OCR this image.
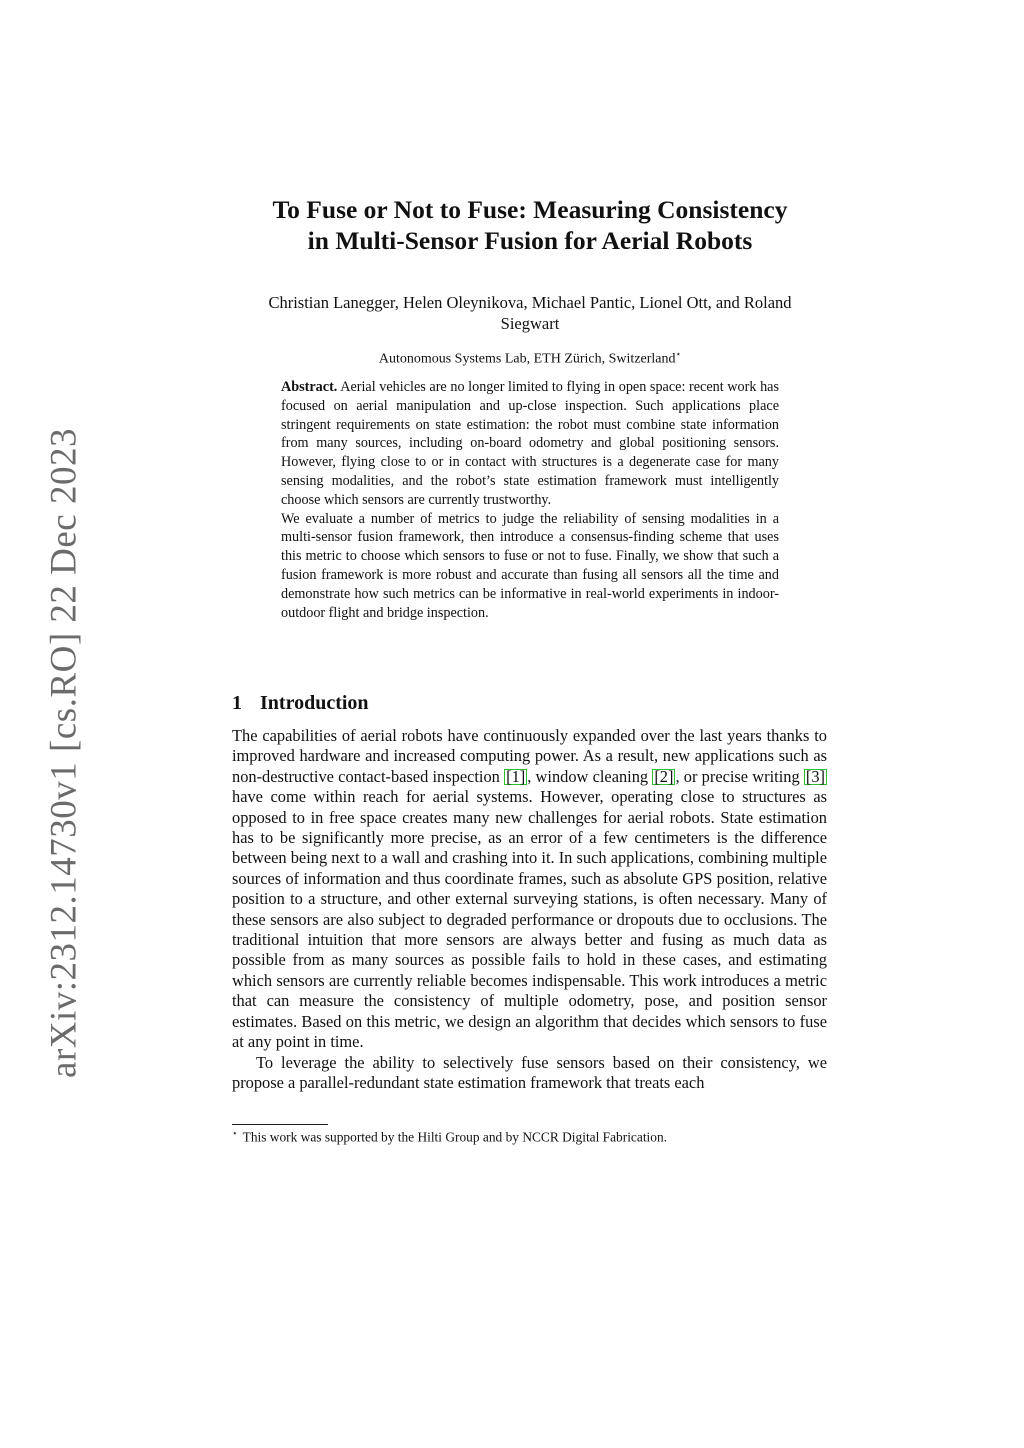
arXiv:2312.14730v1 [cs.RO] 22 Dec 2023
To Fuse or Not to Fuse: Measuring Consistency
in Multi-Sensor Fusion for Aerial Robots
Christian Lanegger, Helen Oleynikova, Michael Pantic, Lionel Ott, and Roland
Siegwart
Autonomous Systems Lab, ETH Zürich, Switzerland⋆

Abstract. Aerial vehicles are no longer limited to flying in open space: recent work has focused on aerial manipulation and up-close inspection. Such applications place stringent requirements on state estimation: the robot must combine state information from many sources, including on-board odometry and global positioning sensors. However, flying close to or in contact with structures is a degenerate case for many sensing modalities, and the robot’s state estimation framework must intelligently choose which sensors are currently trustworthy.

We evaluate a number of metrics to judge the reliability of sensing modalities in a multi-sensor fusion framework, then introduce a consensus-finding scheme that uses this metric to choose which sensors to fuse or not to fuse. Finally, we show that such a fusion framework is more robust and accurate than fusing all sensors all the time and demonstrate how such metrics can be informative in real-world experiments in indoor-outdoor flight and bridge inspection.

1 Introduction

The capabilities of aerial robots have continuously expanded over the last years thanks to improved hardware and increased computing power. As a result, new applications such as non-destructive contact-based inspection [1] , window cleaning [2] , or precise writing [3] have come within reach for aerial systems. However, operating close to structures as opposed to in free space creates many new challenges for aerial robots. State estimation has to be significantly more precise, as an error of a few centimeters is the difference between being next to a wall and crashing into it. In such applications, combining multiple sources of information and thus coordinate frames, such as absolute GPS position, relative position to a structure, and other external surveying stations, is often necessary. Many of these sensors are also subject to degraded performance or dropouts due to occlusions. The traditional intuition that more sensors are always better and fusing as much data as possible from as many sources as possible fails to hold in these cases, and estimating which sensors are currently reliable becomes indispensable. This work introduces a metric that can measure the consistency of multiple odometry, pose, and position sensor estimates. Based on this metric, we design an algorithm that decides which sensors to fuse at any point in time.

To leverage the ability to selectively fuse sensors based on their consistency, we propose a parallel-redundant state estimation framework that treats each

⋆ This work was supported by the Hilti Group and by NCCR Digital Fabrication.
